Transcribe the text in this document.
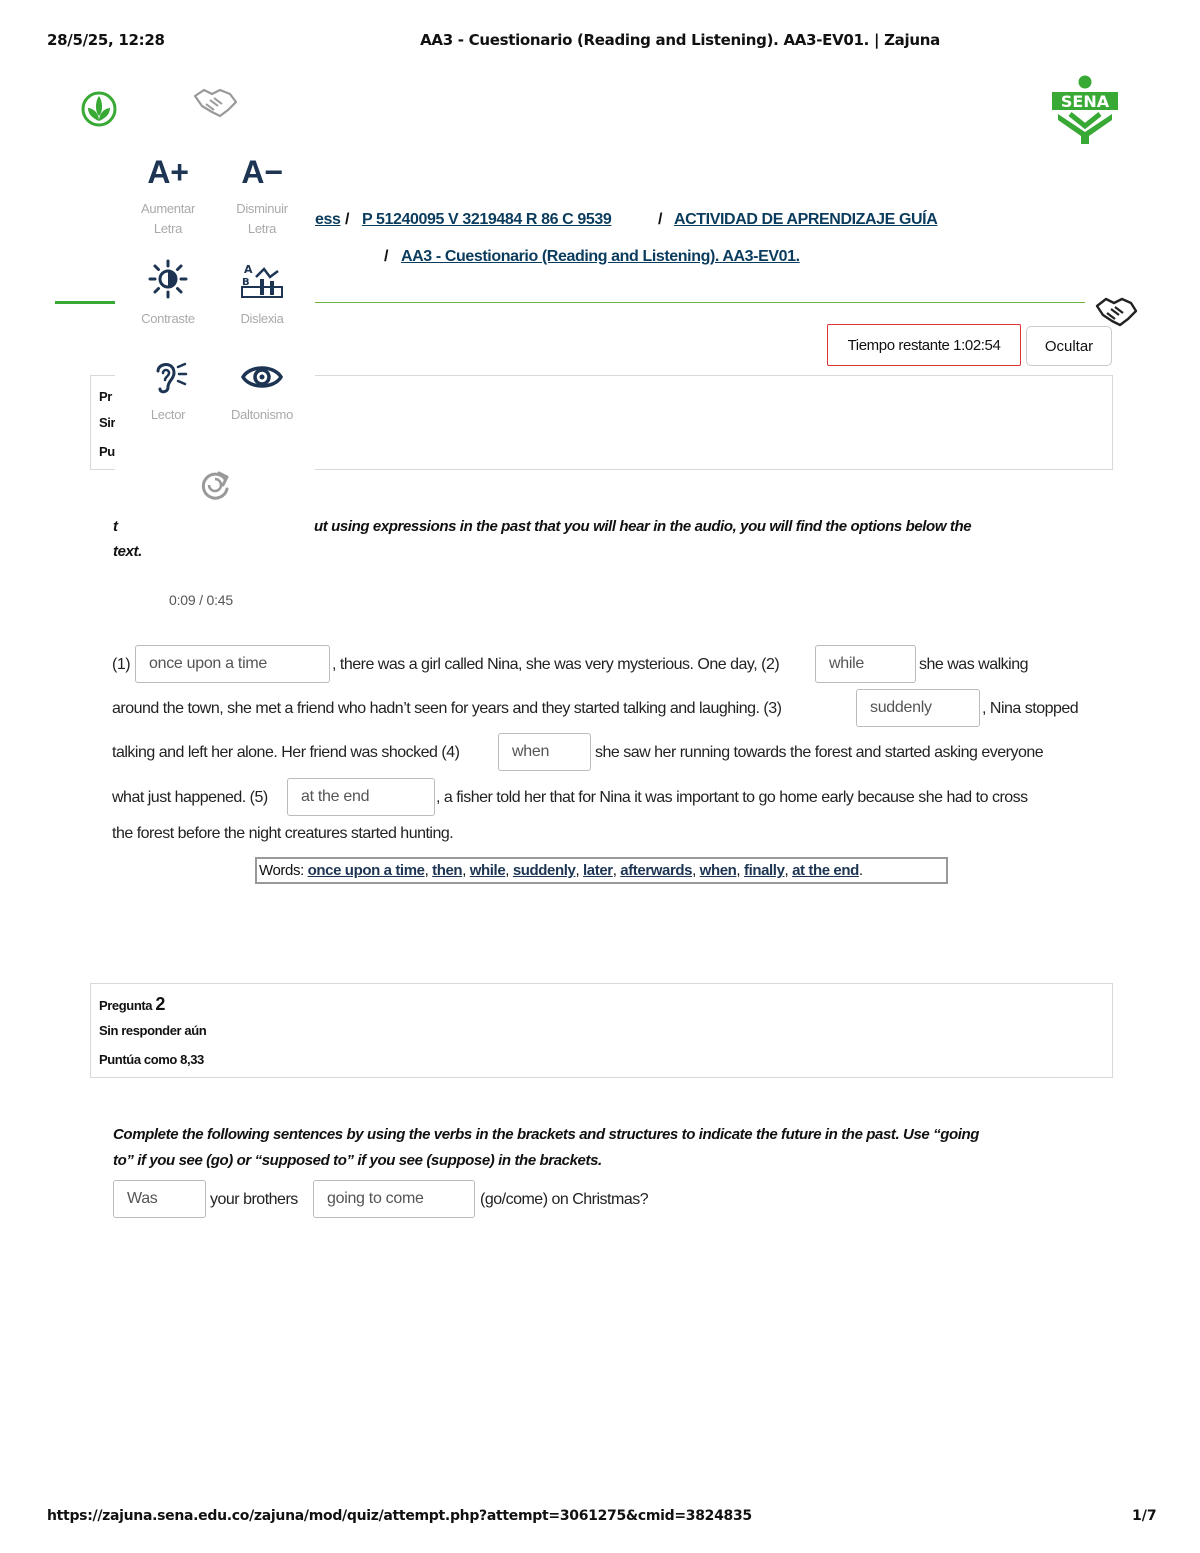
28/5/25, 12:28	AA3 - Cuestionario (Reading and Listening). AA3-EV01. | Zajuna
SENA
ess / P 51240095 V 3219484 R 86 C 9539	/ ACTIVIDAD DE APRENDIZAJE GUÍA
/ AA3 - Cuestionario (Reading and Listening). AA3-EV01.
Tiempo restante 1:02:54	Ocultar
Pr
Sir
Pu
A+
Aumentar
Letra
A−
Disminuir
Letra
Contraste
A
B
Dislexia
Lector	Daltonismo
t	ut using expressions in the past that you will hear in the audio, you will find the options below the
text.
0:09 / 0:45
(1)	once upon a time	, there was a girl called Nina, she was very mysterious. One day, (2)	while	she was walking
around the town, she met a friend who hadn’t seen for years and they started talking and laughing. (3)	suddenly	, Nina stopped
talking and left her alone. Her friend was shocked (4)	when	she saw her running towards the forest and started asking everyone
what just happened. (5)	at the end	, a fisher told her that for Nina it was important to go home early because she had to cross
the forest before the night creatures started hunting.
Words:
once upon a time , then , while , suddenly , later , afterwards , when , finally , at the end .
Pregunta 2
Sin responder aún
Puntúa como 8,33
Complete the following sentences by using the verbs in the brackets and structures to indicate the future in the past. Use “going
to” if you see (go) or “supposed to” if you see (suppose) in the brackets.
Was	your brothers	going to come	(go/come) on Christmas?
https://zajuna.sena.edu.co/zajuna/mod/quiz/attempt.php?attempt=3061275&cmid=3824835	1/7
